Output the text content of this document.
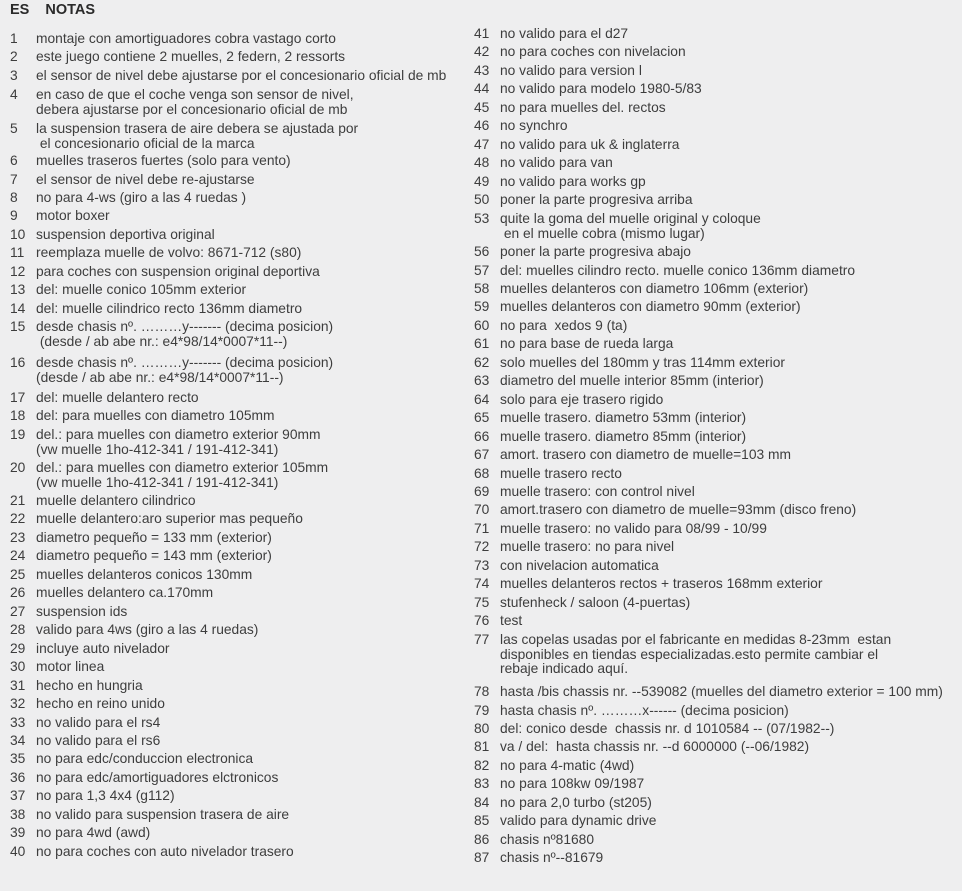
ES NOTAS
1	montaje con amortiguadores cobra vastago corto
2	este juego contiene 2 muelles, 2 federn, 2 ressorts
3	el sensor de nivel debe ajustarse por el concesionario oficial de mb
4	en caso de que el coche venga son sensor de nivel,
debera ajustarse por el concesionario oficial de mb
5	la suspension trasera de aire debera se ajustada por
el concesionario oficial de la marca
6	muelles traseros fuertes (solo para vento)
7	el sensor de nivel debe re-ajustarse
8	no para 4-ws (giro a las 4 ruedas )
9	motor boxer
10 suspension deportiva original
11 reemplaza muelle de volvo: 8671-712 (s80)
12 para coches con suspension original deportiva
13 del: muelle conico 105mm exterior
14 del: muelle cilindrico recto 136mm diametro
15 desde chasis nº. ………y------- (decima posicion)
(desde / ab abe nr.: e4*98/14*0007*11--)
16 desde chasis nº. ………y------- (decima posicion)
(desde / ab abe nr.: e4*98/14*0007*11--)
17 del: muelle delantero recto
18 del: para muelles con diametro 105mm
19 del.: para muelles con diametro exterior 90mm
(vw muelle 1ho-412-341 / 191-412-341)
20 del.: para muelles con diametro exterior 105mm
(vw muelle 1ho-412-341 / 191-412-341)
21 muelle delantero cilindrico
22 muelle delantero:aro superior mas pequeño
23 diametro pequeño = 133 mm (exterior)
24 diametro pequeño = 143 mm (exterior)
25 muelles delanteros conicos 130mm
26 muelles delantero ca.170mm
27 suspension ids
28 valido para 4ws (giro a las 4 ruedas)
29 incluye auto nivelador
30 motor linea
31 hecho en hungria
32 hecho en reino unido
33 no valido para el rs4
34 no valido para el rs6
35 no para edc/conduccion electronica
36 no para edc/amortiguadores elctronicos
37 no para 1,3 4x4 (g112)
38 no valido para suspension trasera de aire
39 no para 4wd (awd)
40 no para coches con auto nivelador trasero
41 no valido para el d27
42 no para coches con nivelacion
43 no valido para version l
44 no valido para modelo 1980-5/83
45 no para muelles del. rectos
46 no synchro
47 no valido para uk & inglaterra
48 no valido para van
49 no valido para works gp
50 poner la parte progresiva arriba
53 quite la goma del muelle original y coloque
en el muelle cobra (mismo lugar)
56 poner la parte progresiva abajo
57 del: muelles cilindro recto. muelle conico 136mm diametro
58 muelles delanteros con diametro 106mm (exterior)
59 muelles delanteros con diametro 90mm (exterior)
60 no para  xedos 9 (ta)
61 no para base de rueda larga
62 solo muelles del 180mm y tras 114mm exterior
63 diametro del muelle interior 85mm (interior)
64 solo para eje trasero rigido
65 muelle trasero. diametro 53mm (interior)
66 muelle trasero. diametro 85mm (interior)
67 amort. trasero con diametro de muelle=103 mm
68 muelle trasero recto
69 muelle trasero: con control nivel
70 amort.trasero con diametro de muelle=93mm (disco freno)
71 muelle trasero: no valido para 08/99 - 10/99
72 muelle trasero: no para nivel
73 con nivelacion automatica
74 muelles delanteros rectos + traseros 168mm exterior
75 stufenheck / saloon (4-puertas)
76 test
77 las copelas usadas por el fabricante en medidas 8-23mm  estan
disponibles en tiendas especializadas.esto permite cambiar el
rebaje indicado aquí.
78 hasta /bis chassis nr. --539082 (muelles del diametro exterior = 100 mm)
79 hasta chasis nº. ………x------ (decima posicion)
80 del: conico desde  chassis nr. d 1010584 -- (07/1982--)
81 va / del:  hasta chassis nr. --d 6000000 (--06/1982)
82 no para 4-matic (4wd)
83 no para 108kw 09/1987
84 no para 2,0 turbo (st205)
85 valido para dynamic drive
86 chasis nº81680
87 chasis nº--81679
